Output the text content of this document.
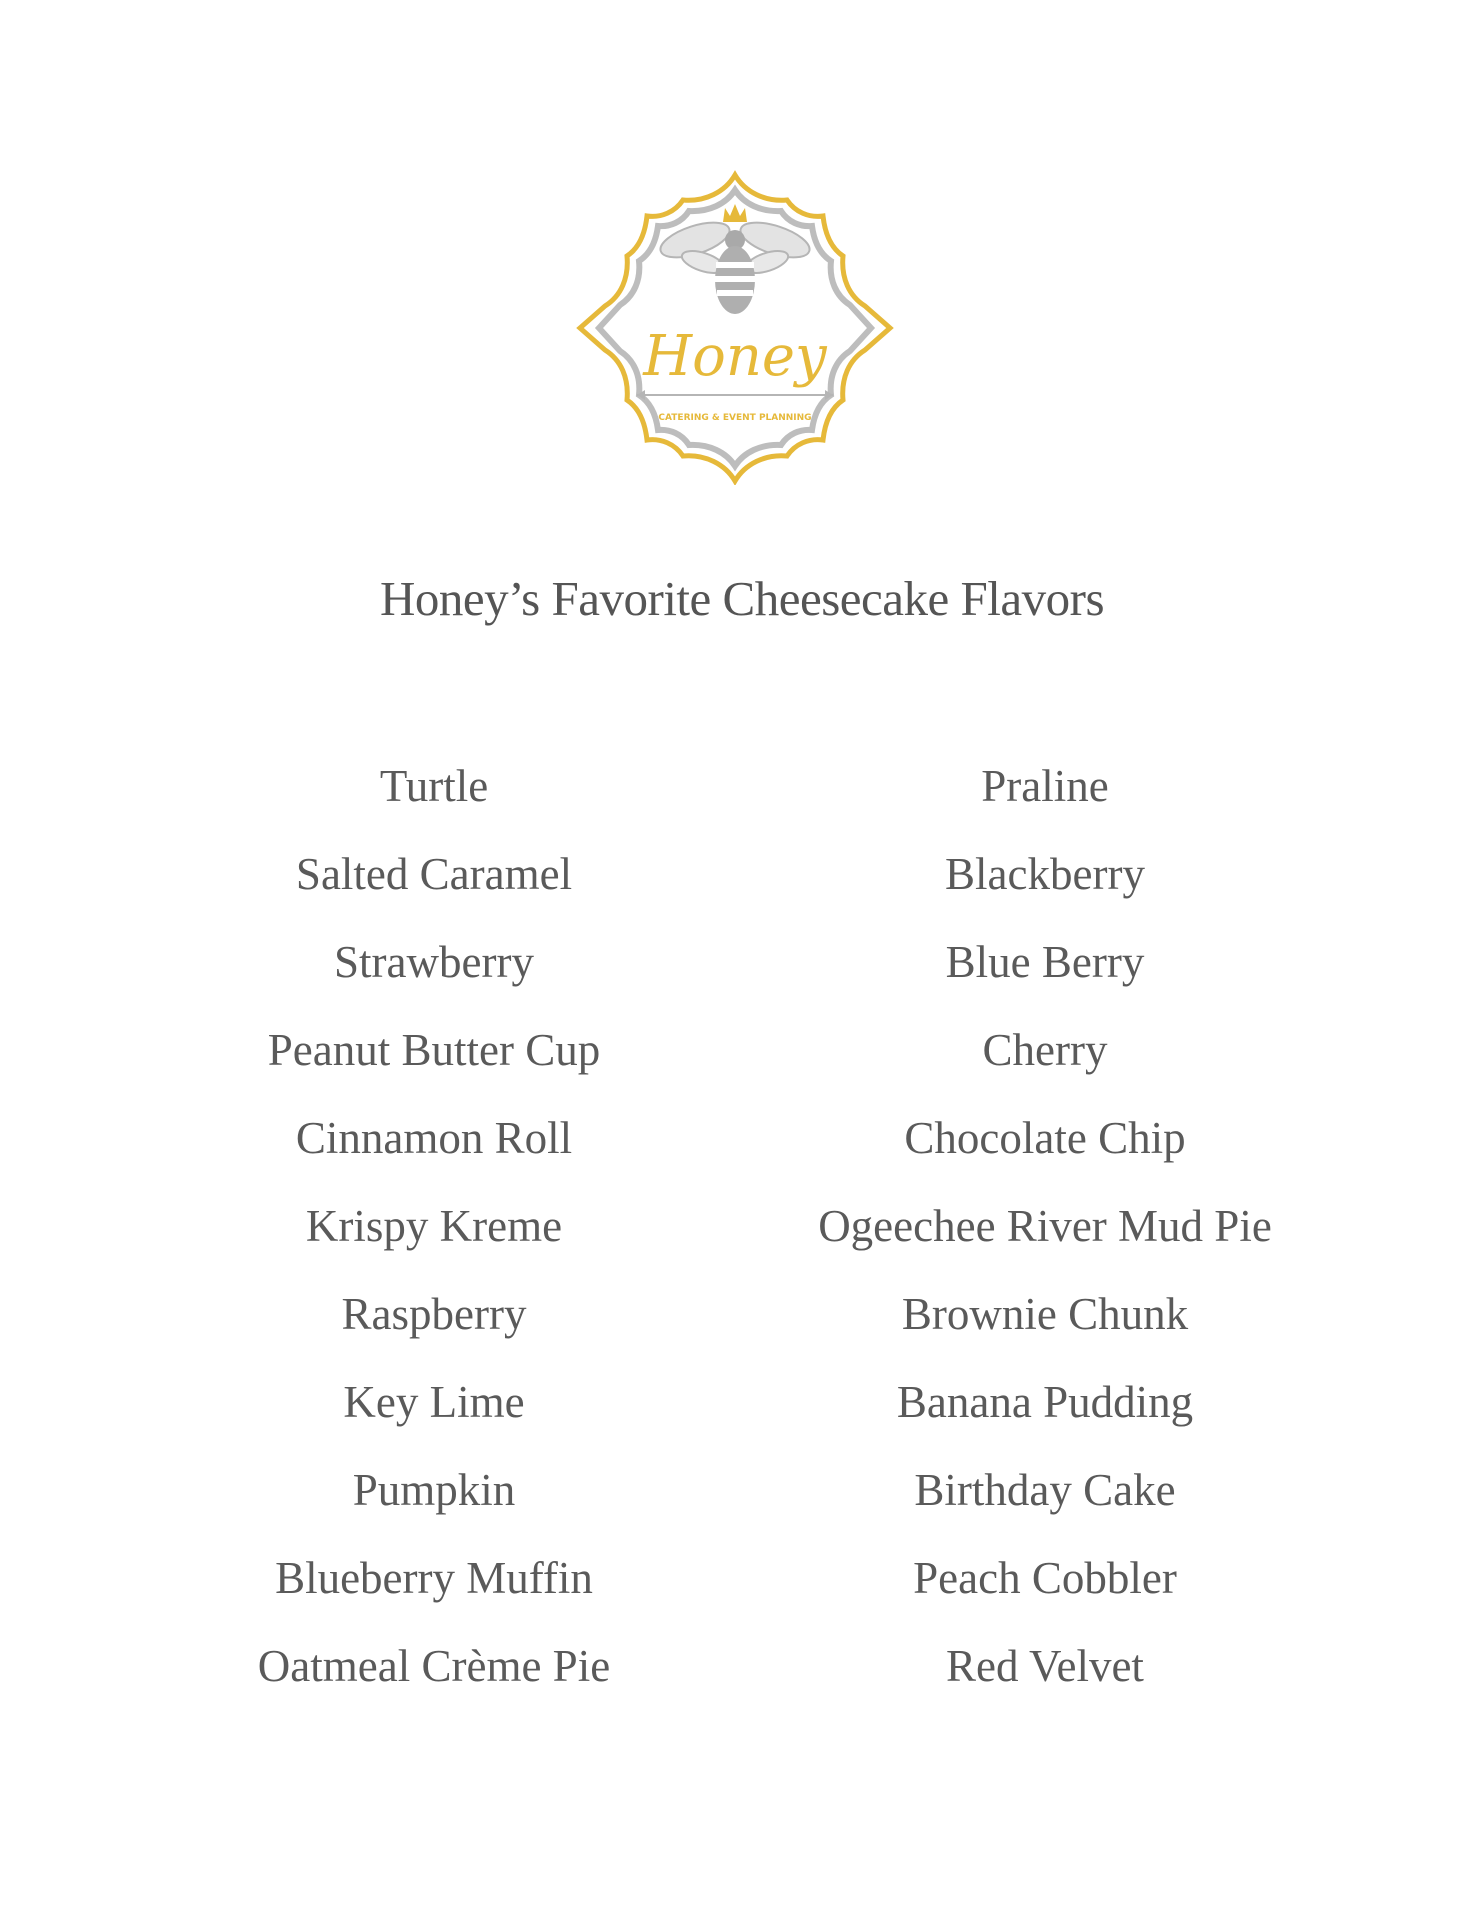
Honey
CATERING & EVENT PLANNING
Honey’s Favorite Cheesecake Flavors
Turtle
Salted Caramel
Strawberry
Peanut Butter Cup
Cinnamon Roll
Krispy Kreme
Raspberry
Key Lime
Pumpkin
Blueberry Muffin
Oatmeal Crème Pie
Praline
Blackberry
Blue Berry
Cherry
Chocolate Chip
Ogeechee River Mud Pie
Brownie Chunk
Banana Pudding
Birthday Cake
Peach Cobbler
Red Velvet
